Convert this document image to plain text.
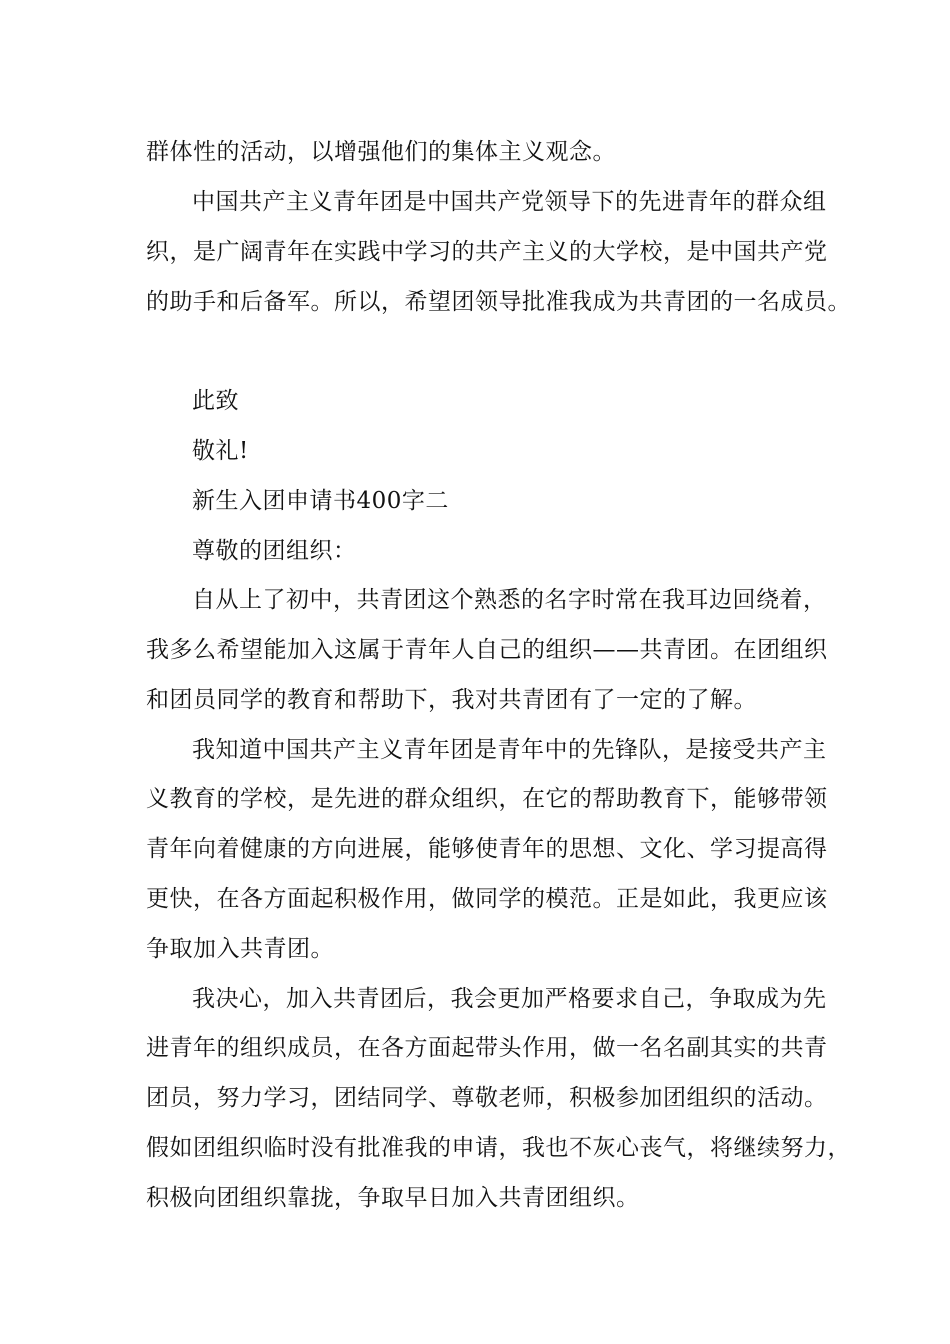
群体性的活动，以增强他们的集体主义观念。
中国共产主义青年团是中国共产党领导下的先进青年的群众组
织，是广阔青年在实践中学习的共产主义的大学校，是中国共产党
的助手和后备军。所以，希望团领导批准我成为共青团的一名成员。
此致
敬礼!
新生入团申请书400字二
尊敬的团组织：
自从上了初中，共青团这个熟悉的名字时常在我耳边回绕着，
我多么希望能加入这属于青年人自己的组织——共青团。在团组织
和团员同学的教育和帮助下，我对共青团有了一定的了解。
我知道中国共产主义青年团是青年中的先锋队，是接受共产主
义教育的学校，是先进的群众组织，在它的帮助教育下，能够带领
青年向着健康的方向进展，能够使青年的思想、文化、学习提高得
更快，在各方面起积极作用，做同学的模范。正是如此，我更应该
争取加入共青团。
我决心，加入共青团后，我会更加严格要求自己，争取成为先
进青年的组织成员，在各方面起带头作用，做一名名副其实的共青
团员，努力学习，团结同学、尊敬老师，积极参加团组织的活动。
假如团组织临时没有批准我的申请，我也不灰心丧气，将继续努力，
积极向团组织靠拢，争取早日加入共青团组织。
